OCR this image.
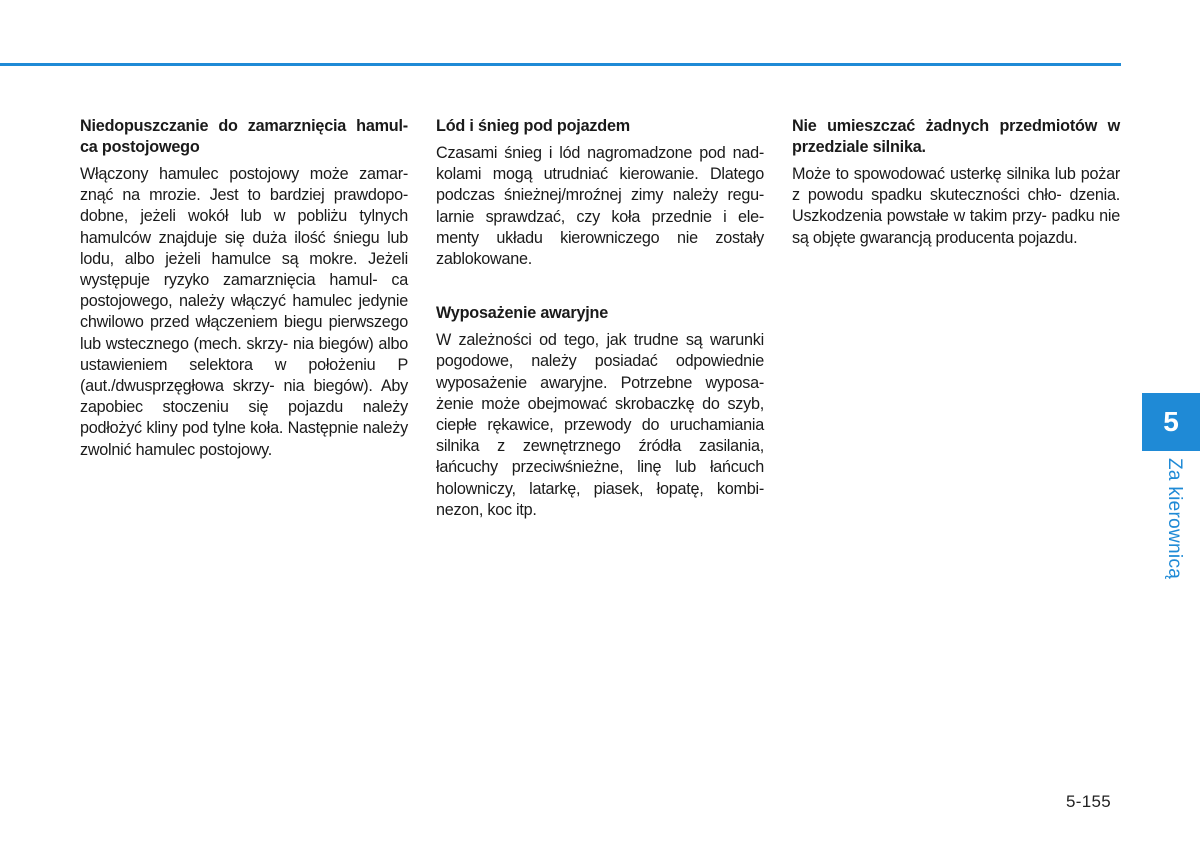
Niedopuszczanie do zamarznięcia hamul- ca postojowego

Włączony hamulec postojowy może zamar- znąć na mrozie. Jest to bardziej prawdopo- dobne, jeżeli wokół lub w pobliżu tylnych hamulców znajduje się duża ilość śniegu lub lodu, albo jeżeli hamulce są mokre. Jeżeli występuje ryzyko zamarznięcia hamul- ca postojowego, należy włączyć hamulec jedynie chwilowo przed włączeniem biegu pierwszego lub wstecznego (mech. skrzy- nia biegów) albo ustawieniem selektora w położeniu P (aut./dwusprzęgłowa skrzy- nia biegów). Aby zapobiec stoczeniu się pojazdu należy podłożyć kliny pod tylne koła. Następnie należy zwolnić hamulec postojowy.

Lód i śnieg pod pojazdem

Czasami śnieg i lód nagromadzone pod nad- kolami mogą utrudniać kierowanie. Dlatego podczas śnieżnej/mroźnej zimy należy regu- larnie sprawdzać, czy koła przednie i ele- menty układu kierowniczego nie zostały zablokowane.

Wyposażenie awaryjne

W zależności od tego, jak trudne są warunki pogodowe, należy posiadać odpowiednie wyposażenie awaryjne. Potrzebne wyposa- żenie może obejmować skrobaczkę do szyb, ciepłe rękawice, przewody do uruchamiania silnika z zewnętrznego źródła zasilania, łańcuchy przeciwśnieżne, linę lub łańcuch holowniczy, latarkę, piasek, łopatę, kombi- nezon, koc itp.

Nie umieszczać żadnych przedmiotów w przedziale silnika.

Może to spowodować usterkę silnika lub pożar z powodu spadku skuteczności chło- dzenia. Uszkodzenia powstałe w takim przy- padku nie są objęte gwarancją producenta pojazdu.

5
Za kierownicą
5-155
